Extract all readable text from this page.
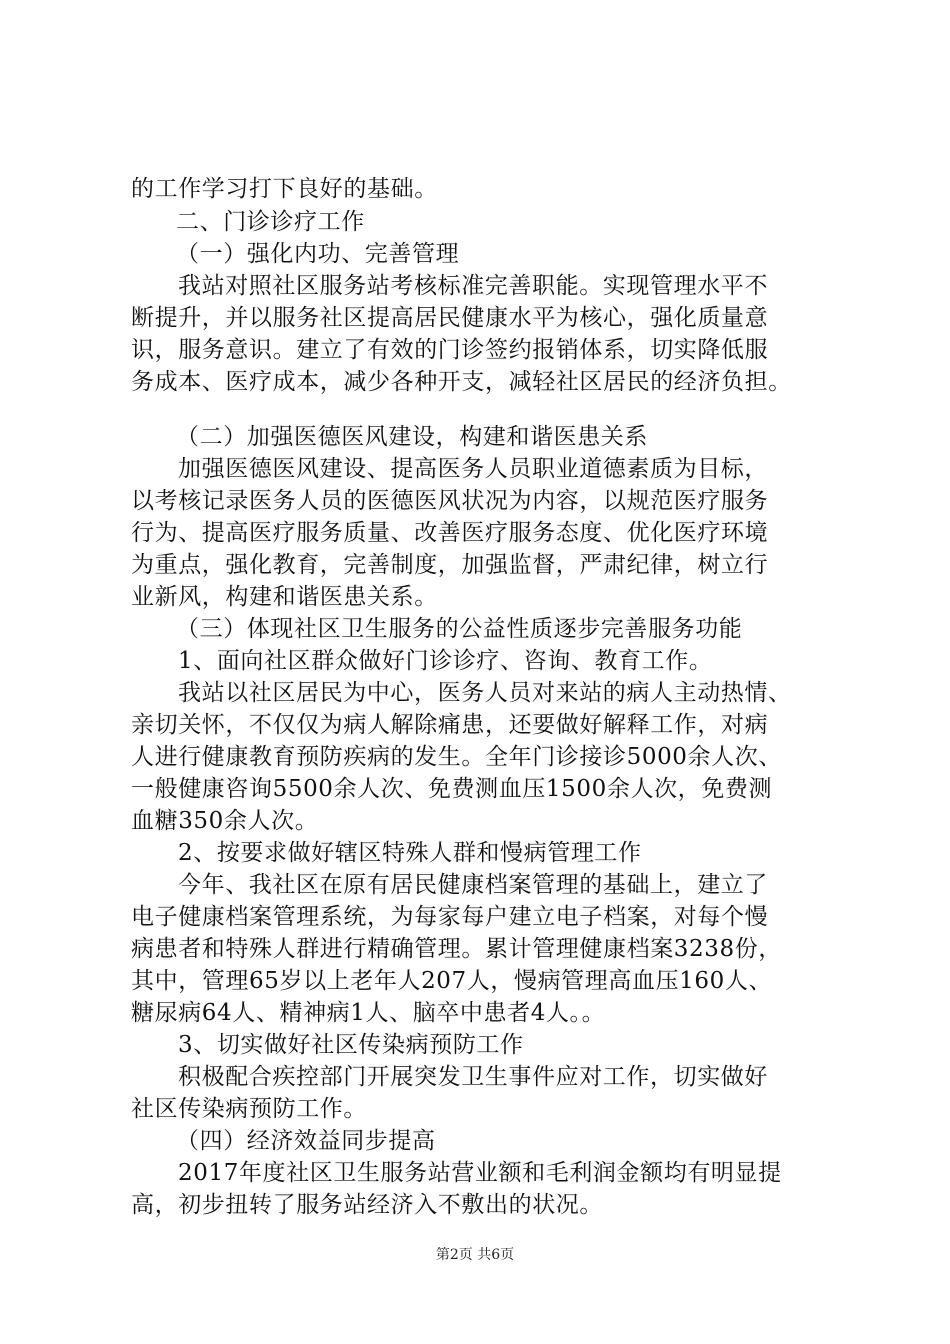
的工作学习打下良好的基础。
二、门诊诊疗工作
（一）强化内功、完善管理
我站对照社区服务站考核标准完善职能。实现管理水平不
断提升，并以服务社区提高居民健康水平为核心，强化质量意
识，服务意识。建立了有效的门诊签约报销体系，切实降低服
务成本、医疗成本，减少各种开支，减轻社区居民的经济负担。
（二）加强医德医风建设，构建和谐医患关系
加强医德医风建设、提高医务人员职业道德素质为目标，
以考核记录医务人员的医德医风状况为内容，以规范医疗服务
行为、提高医疗服务质量、改善医疗服务态度、优化医疗环境
为重点，强化教育，完善制度，加强监督，严肃纪律，树立行
业新风，构建和谐医患关系。
（三）体现社区卫生服务的公益性质逐步完善服务功能
1、面向社区群众做好门诊诊疗、咨询、教育工作。
我站以社区居民为中心，医务人员对来站的病人主动热情、
亲切关怀，不仅仅为病人解除痛患，还要做好解释工作，对病
人进行健康教育预防疾病的发生。全年门诊接诊5000余人次、
一般健康咨询5500余人次、免费测血压1500余人次，免费测
血糖350余人次。
2、按要求做好辖区特殊人群和慢病管理工作
今年、我社区在原有居民健康档案管理的基础上，建立了
电子健康档案管理系统，为每家每户建立电子档案，对每个慢
病患者和特殊人群进行精确管理。累计管理健康档案3238份，
其中，管理65岁以上老年人207人，慢病管理高血压160人、
糖尿病64人、精神病1人、脑卒中患者4人。。
3、切实做好社区传染病预防工作
积极配合疾控部门开展突发卫生事件应对工作，切实做好
社区传染病预防工作。
（四）经济效益同步提高
2017年度社区卫生服务站营业额和毛利润金额均有明显提
高，初步扭转了服务站经济入不敷出的状况。
第2页 共6页
